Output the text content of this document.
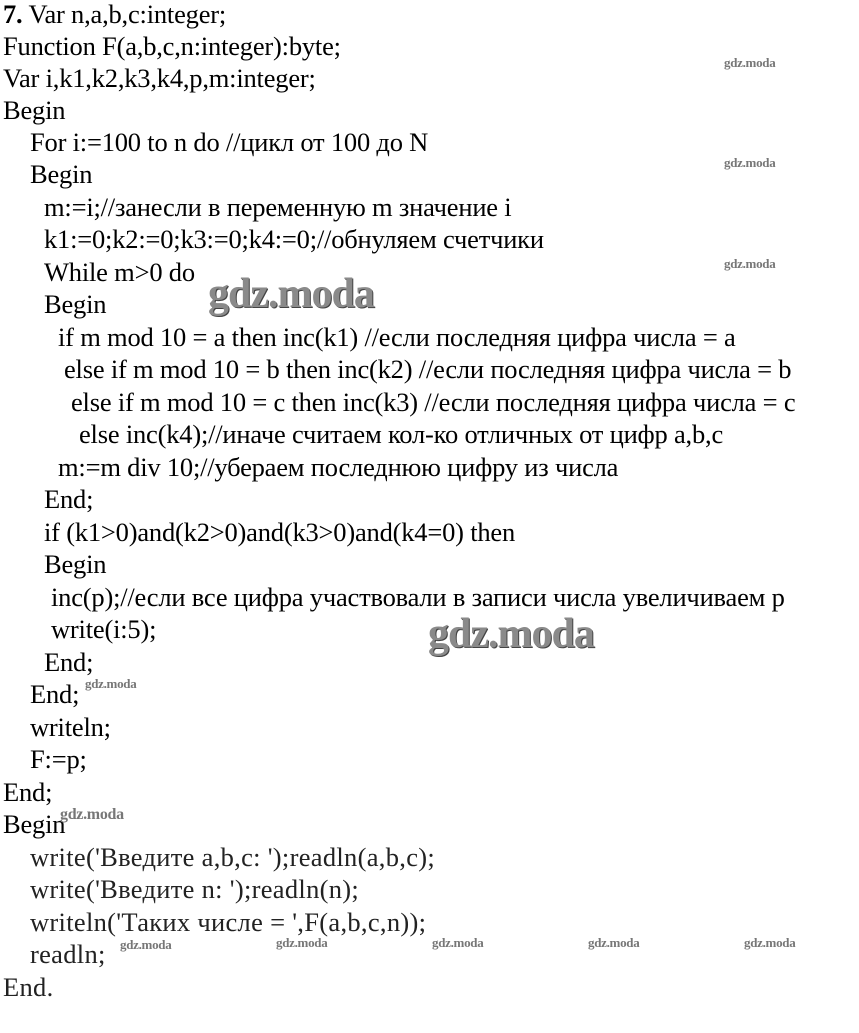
7. Var n,a,b,c:integer;
Function F(a,b,c,n:integer):byte;
Var i,k1,k2,k3,k4,p,m:integer;
Begin
For i:=100 to n do //цикл от 100 до N
Begin
m:=i;//занесли в переменную m значение i
k1:=0;k2:=0;k3:=0;k4:=0;//обнуляем счетчики
While m>0 do
Begin
if m mod 10 = a then inc(k1) //если последняя цифра числа = a
else if m mod 10 = b then inc(k2) //если последняя цифра числа = b
else if m mod 10 = c then inc(k3) //если последняя цифра числа = c
else inc(k4);//иначе считаем кол-ко отличных от цифр a,b,c
m:=m div 10;//уберaем последнюю цифру из числа
End;
if (k1>0)and(k2>0)and(k3>0)and(k4=0) then
Begin
inc(p);//если все цифра участвовали в записи числа увеличиваем p
write(i:5);
End;
End;
writeln;
F:=p;
End;
Begin
write('Введите a,b,c: ');readln(a,b,c);
write('Введите n: ');readln(n);
writeln('Таких числе = ',F(a,b,c,n));
readln;
End.
gdz.moda
gdz.moda
gdz.moda
gdz.moda
gdz.moda
gdz.moda
gdz.moda
gdz.moda	gdz.moda	gdz.moda	gdz.moda	gdz.moda
